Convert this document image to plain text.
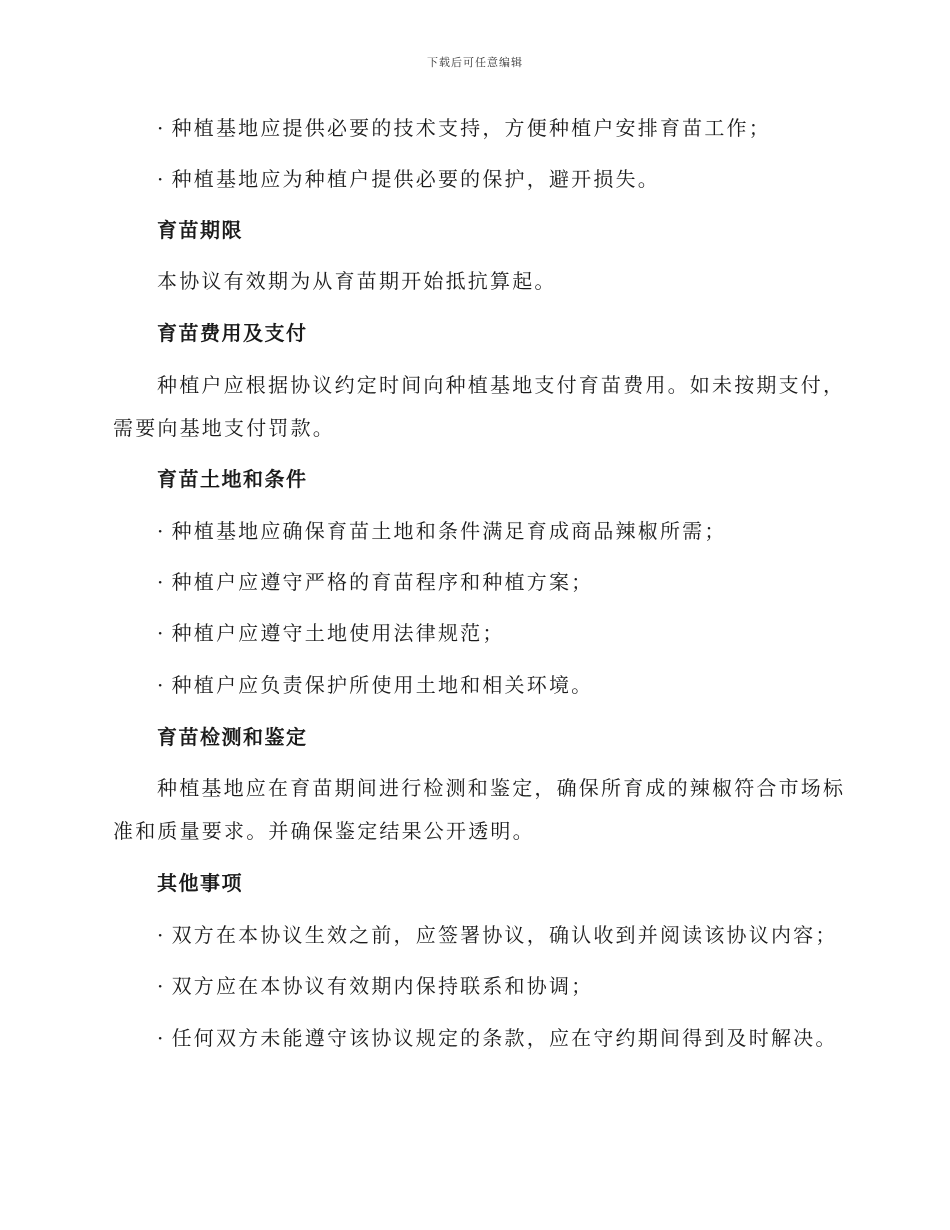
下载后可任意编辑
· 种植基地应提供必要的技术支持，方便种植户安排育苗工作；
· 种植基地应为种植户提供必要的保护，避开损失。
育苗期限
本协议有效期为从育苗期开始抵抗算起。
育苗费用及支付
种植户应根据协议约定时间向种植基地支付育苗费用。如未按期支付，
需要向基地支付罚款。
育苗土地和条件
· 种植基地应确保育苗土地和条件满足育成商品辣椒所需；
· 种植户应遵守严格的育苗程序和种植方案；
· 种植户应遵守土地使用法律规范；
· 种植户应负责保护所使用土地和相关环境。
育苗检测和鉴定
种植基地应在育苗期间进行检测和鉴定，确保所育成的辣椒符合市场标
准和质量要求。并确保鉴定结果公开透明。
其他事项
· 双方在本协议生效之前，应签署协议，确认收到并阅读该协议内容；
· 双方应在本协议有效期内保持联系和协调；
· 任何双方未能遵守该协议规定的条款，应在守约期间得到及时解决。
